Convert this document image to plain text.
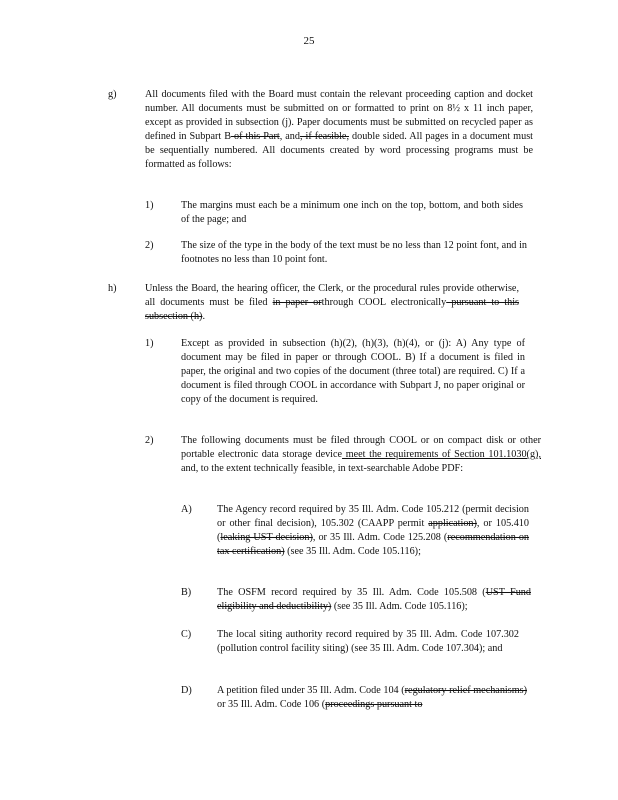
25
g)	All documents filed with the Board must contain the relevant proceeding caption and docket number. All documents must be submitted on or formatted to print on 8½ x 11 inch paper, except as provided in subsection (j). Paper documents must be submitted on recycled paper as defined in Subpart B of this Part, and, if feasible, double sided. All pages in a document must be sequentially numbered. All documents created by word processing programs must be formatted as follows:
1)	The margins must each be a minimum one inch on the top, bottom, and both sides of the page; and
2)	The size of the type in the body of the text must be no less than 12 point font, and in footnotes no less than 10 point font.
h)	Unless the Board, the hearing officer, the Clerk, or the procedural rules provide otherwise, all documents must be filed in paper orthrough COOL electronically pursuant to this subsection (h).
1)	Except as provided in subsection (h)(2), (h)(3), (h)(4), or (j): A) Any type of document may be filed in paper or through COOL. B) If a document is filed in paper, the original and two copies of the document (three total) are required. C) If a document is filed through COOL in accordance with Subpart J, no paper original or copy of the document is required.
2)	The following documents must be filed through COOL or on compact disk or other portable electronic data storage device meet the requirements of Section 101.1030(g), and, to the extent technically feasible, in text-searchable Adobe PDF:
A) The Agency record required by 35 Ill. Adm. Code 105.212 (permit decision or other final decision), 105.302 (CAAPP permit application), or 105.410 (leaking UST decision), or 35 Ill. Adm. Code 125.208 (recommendation on tax certification) (see 35 Ill. Adm. Code 105.116);
B)	The OSFM record required by 35 Ill. Adm. Code 105.508 (UST Fund eligibility and deductibility) (see 35 Ill. Adm. Code 105.116);
C)	The local siting authority record required by 35 Ill. Adm. Code 107.302 (pollution control facility siting) (see 35 Ill. Adm. Code 107.304); and
D) A petition filed under 35 Ill. Adm. Code 104 (regulatory relief mechanisms) or 35 Ill. Adm. Code 106 (proceedings pursuant to
